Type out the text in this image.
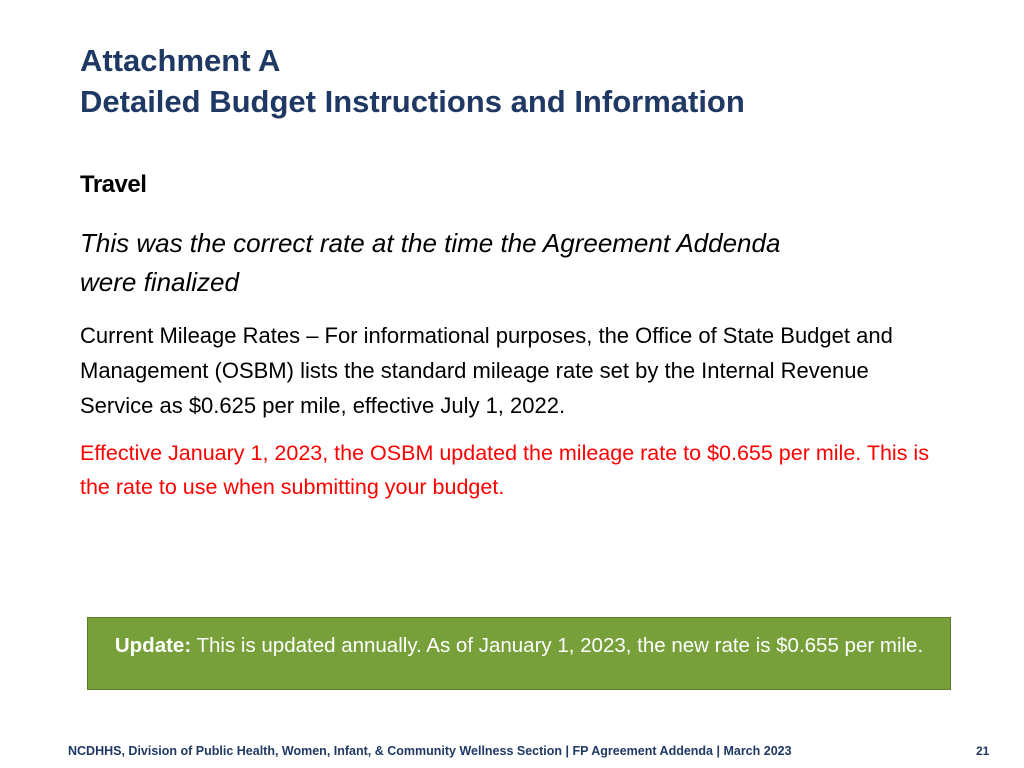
Attachment A
Detailed Budget Instructions and Information
Travel

This was the correct rate at the time the Agreement Addenda were finalized

Current Mileage Rates – For informational purposes, the Office of State Budget and Management (OSBM) lists the standard mileage rate set by the Internal Revenue Service as $0.625 per mile, effective July 1, 2022.

Effective January 1, 2023, the OSBM updated the mileage rate to $0.655 per mile. This is the rate to use when submitting your budget.

Update: This is updated annually. As of January 1, 2023, the new rate is $0.655 per mile.
NCDHHS, Division of Public Health, Women, Infant, & Community Wellness Section | FP Agreement Addenda | March 2023	21
